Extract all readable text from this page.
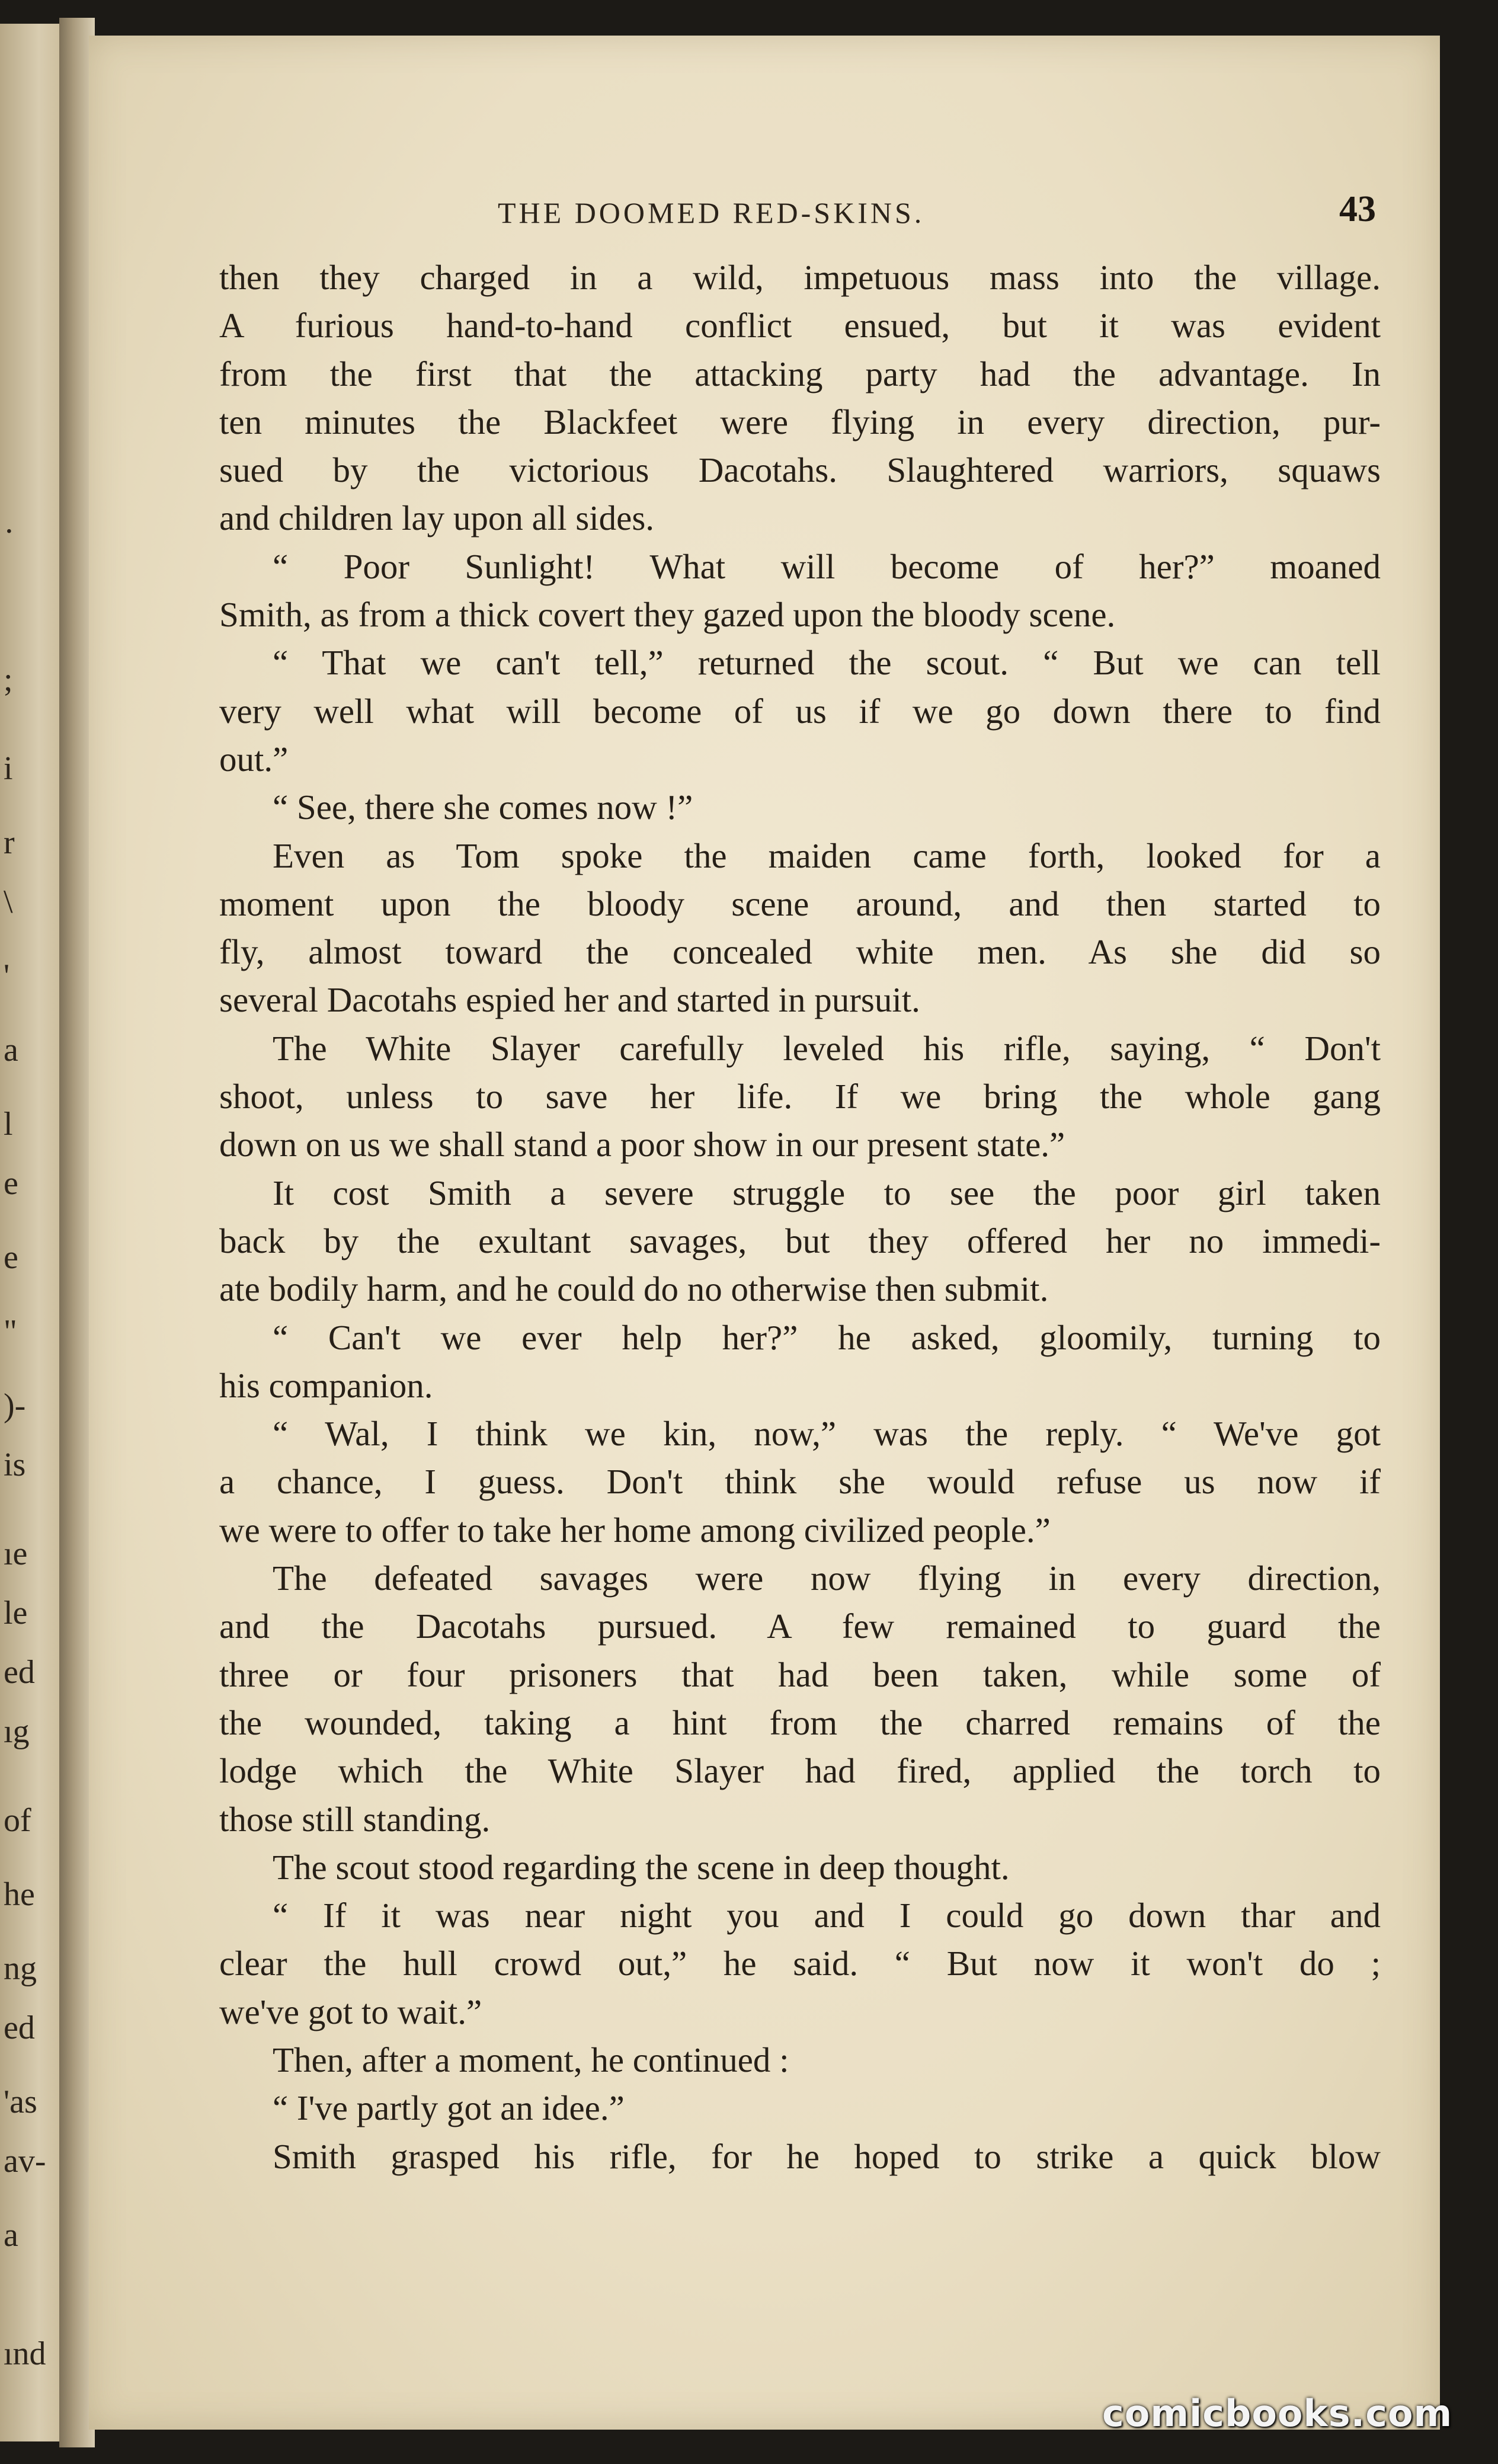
·
;
i
r
\
'
a
l
e
e
"
)-
is
ıe
le
ed
ıg
of
he
ng
ed
'as
av-
a
ınd
THE DOOMED RED-SKINS.	43
then they charged in a wild, impetuous mass into the village.
A furious hand-to-hand conflict ensued, but it was evident
from the first that the attacking party had the advantage. In
ten minutes the Blackfeet were flying in every direction, pur-
sued by the victorious Dacotahs. Slaughtered warriors, squaws
and children lay upon all sides.
“ Poor Sunlight! What will become of her?” moaned
Smith, as from a thick covert they gazed upon the bloody scene.
“ That we can't tell,” returned the scout. “ But we can tell
very well what will become of us if we go down there to find
out.”
“ See, there she comes now !”
Even as Tom spoke the maiden came forth, looked for a
moment upon the bloody scene around, and then started to
fly, almost toward the concealed white men. As she did so
several Dacotahs espied her and started in pursuit.
The White Slayer carefully leveled his rifle, saying, “ Don't
shoot, unless to save her life. If we bring the whole gang
down on us we shall stand a poor show in our present state.”
It cost Smith a severe struggle to see the poor girl taken
back by the exultant savages, but they offered her no immedi-
ate bodily harm, and he could do no otherwise then submit.
“ Can't we ever help her?” he asked, gloomily, turning to
his companion.
“ Wal, I think we kin, now,” was the reply. “ We've got
a chance, I guess. Don't think she would refuse us now if
we were to offer to take her home among civilized people.”
The defeated savages were now flying in every direction,
and the Dacotahs pursued. A few remained to guard the
three or four prisoners that had been taken, while some of
the wounded, taking a hint from the charred remains of the
lodge which the White Slayer had fired, applied the torch to
those still standing.
The scout stood regarding the scene in deep thought.
“ If it was near night you and I could go down thar and
clear the hull crowd out,” he said. “ But now it won't do ;
we've got to wait.”
Then, after a moment, he continued :
“ I've partly got an idee.”
Smith grasped his rifle, for he hoped to strike a quick blow
comicbooks.com
